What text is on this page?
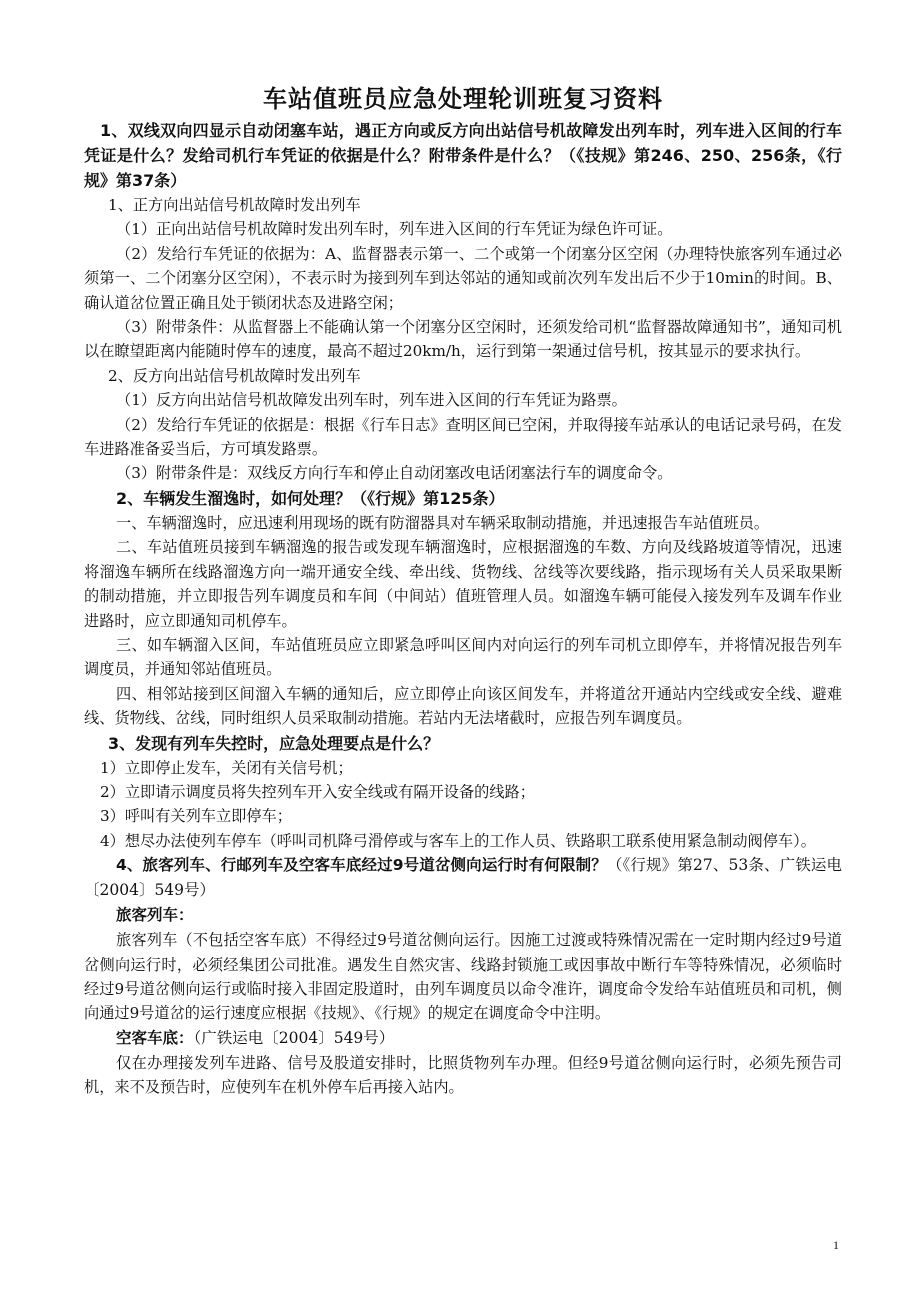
车站值班员应急处理轮训班复习资料

1、双线双向四显示自动闭塞车站，遇正方向或反方向出站信号机故障发出列车时，列车进入区间的行车凭证是什么？发给司机行车凭证的依据是什么？附带条件是什么？（《技规》第246、250、256条，《行规》第37条）

1、正方向出站信号机故障时发出列车

（1）正向出站信号机故障时发出列车时，列车进入区间的行车凭证为绿色许可证。

（2）发给行车凭证的依据为：A、监督器表示第一、二个或第一个闭塞分区空闲（办理特快旅客列车通过必须第一、二个闭塞分区空闲），不表示时为接到列车到达邻站的通知或前次列车发出后不少于10min的时间。B、 确认道岔位置正确且处于锁闭状态及进路空闲；

（3）附带条件：从监督器上不能确认第一个闭塞分区空闲时，还须发给司机“监督器故障通知书”，通知司机以在瞭望距离内能随时停车的速度，最高不超过20km/h，运行到第一架通过信号机，按其显示的要求执行。

2、反方向出站信号机故障时发出列车

（1）反方向出站信号机故障发出列车时，列车进入区间的行车凭证为路票。

（2）发给行车凭证的依据是：根据《行车日志》查明区间已空闲，并取得接车站承认的电话记录号码，在发车进路准备妥当后，方可填发路票。

（3）附带条件是：双线反方向行车和停止自动闭塞改电话闭塞法行车的调度命令。

2、车辆发生溜逸时，如何处理？（《行规》第125条）

一、车辆溜逸时，应迅速利用现场的既有防溜器具对车辆采取制动措施，并迅速报告车站值班员。

二、车站值班员接到车辆溜逸的报告或发现车辆溜逸时，应根据溜逸的车数、方向及线路坡道等情况，迅速将溜逸车辆所在线路溜逸方向一端开通安全线、牵出线、货物线、岔线等次要线路，指示现场有关人员采取果断的制动措施，并立即报告列车调度员和车间（中间站）值班管理人员。如溜逸车辆可能侵入接发列车及调车作业进路时，应立即通知司机停车。

三、如车辆溜入区间，车站值班员应立即紧急呼叫区间内对向运行的列车司机立即停车，并将情况报告列车调度员，并通知邻站值班员。

四、相邻站接到区间溜入车辆的通知后，应立即停止向该区间发车，并将道岔开通站内空线或安全线、避难线、货物线、岔线，同时组织人员采取制动措施。若站内无法堵截时，应报告列车调度员。

3、发现有列车失控时，应急处理要点是什么？

1）立即停止发车，关闭有关信号机；

2）立即请示调度员将失控列车开入安全线或有隔开设备的线路；

3）呼叫有关列车立即停车；

4）想尽办法使列车停车（呼叫司机降弓滑停或与客车上的工作人员、铁路职工联系使用紧急制动阀停车）。

4、旅客列车、行邮列车及空客车底经过9号道岔侧向运行时有何限制？（《行规》第27、53条、广铁运电〔2004〕549号）

旅客列车：

旅客列车（不包括空客车底）不得经过9号道岔侧向运行。因施工过渡或特殊情况需在一定时期内经过9号道岔侧向运行时，必须经集团公司批准。遇发生自然灾害、线路封锁施工或因事故中断行车等特殊情况，必须临时经过9号道岔侧向运行或临时接入非固定股道时，由列车调度员以命令准许，调度命令发给车站值班员和司机，侧向通过9号道岔的运行速度应根据《技规》、《行规》的规定在调度命令中注明。

空客车底：（广铁运电〔2004〕549号）

仅在办理接发列车进路、信号及股道安排时，比照货物列车办理。但经9号道岔侧向运行时，必须先预告司机，来不及预告时，应使列车在机外停车后再接入站内。

1
